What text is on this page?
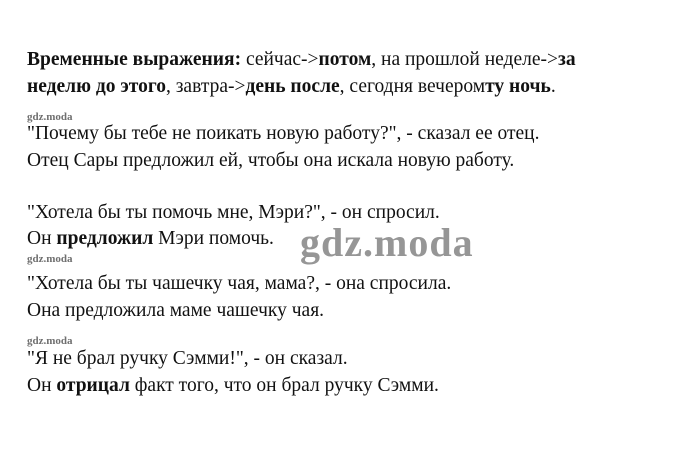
Временные выражения: сейчас->потом, на прошлой неделе->за
неделю до этого, завтра->день после, сегодня вечеромту ночь.
gdz.moda
"Почему бы тебе не поикать новую работу?", - сказал ее отец.
Отец Сары предложил ей, чтобы она искала новую работу.
"Хотела бы ты помочь мне, Мэри?", - он спросил.
Он предложил Мэри помочь. gdz.moda
gdz.moda
"Хотела бы ты чашечку чая, мама?, - она спросила.
Она предложила маме чашечку чая.
gdz.moda
"Я не брал ручку Сэмми!", - он сказал.
Он отрицал факт того, что он брал ручку Сэмми.
